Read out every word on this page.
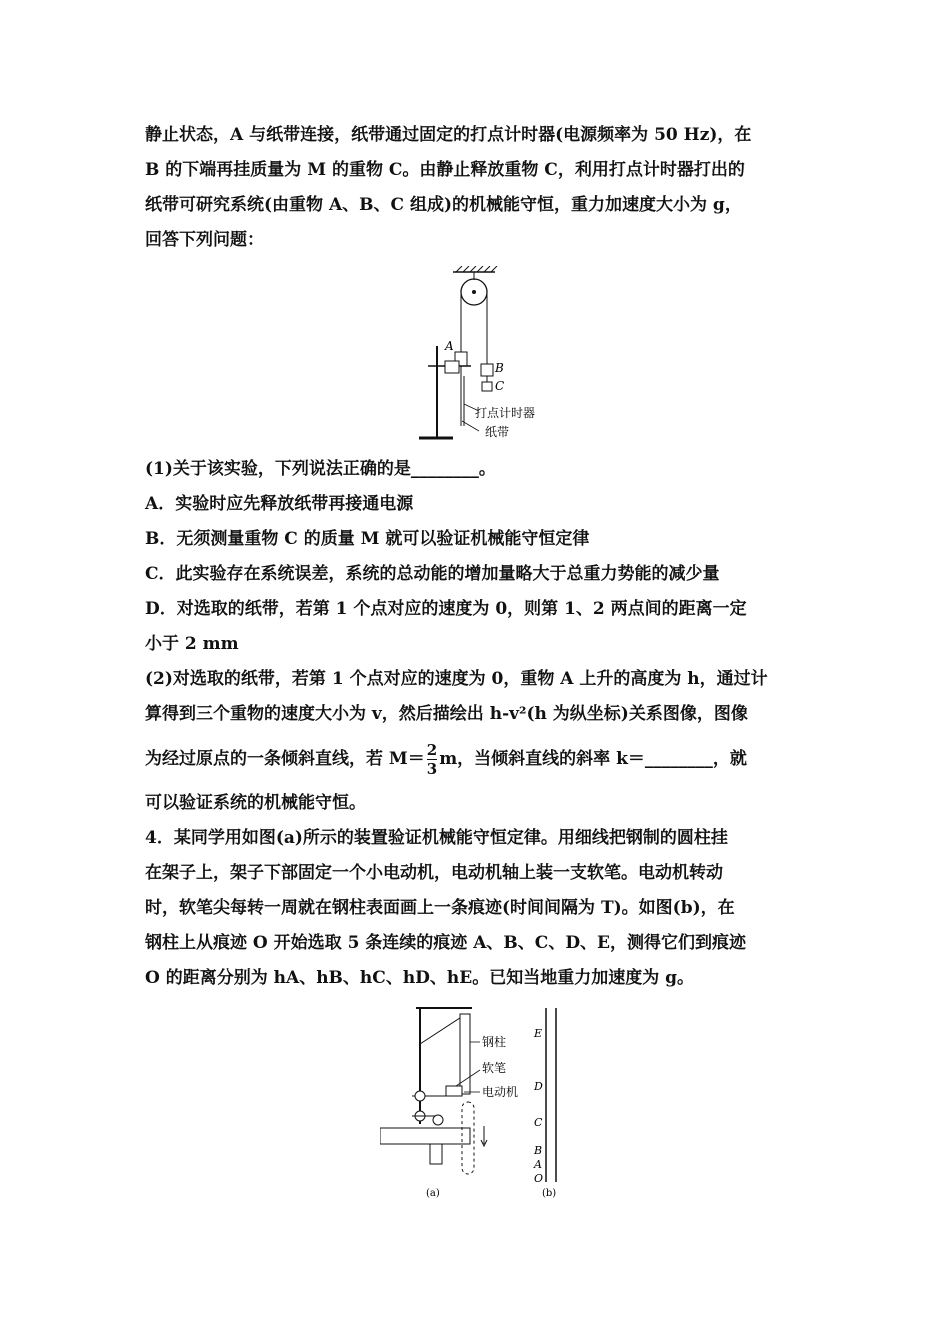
静止状态，A 与纸带连接，纸带通过固定的打点计时器(电源频率为 50 Hz)，在
B 的下端再挂质量为 M 的重物 C。由静止释放重物 C，利用打点计时器打出的
纸带可研究系统(由重物 A、B、C 组成)的机械能守恒，重力加速度大小为 g，
回答下列问题：
A
B
C
打点计时器
纸带
(1)关于该实验，下列说法正确的是________。
A．实验时应先释放纸带再接通电源
B．无须测量重物 C 的质量 M 就可以验证机械能守恒定律
C．此实验存在系统误差，系统的总动能的增加量略大于总重力势能的减少量
D．对选取的纸带，若第 1 个点对应的速度为 0，则第 1、2 两点间的距离一定
小于 2 mm
(2)对选取的纸带，若第 1 个点对应的速度为 0，重物 A 上升的高度为 h，通过计
算得到三个重物的速度大小为 v，然后描绘出 h-v²(h 为纵坐标)关系图像，图像
为经过原点的一条倾斜直线，若 $M= \frac{2}{3}$ m，当倾斜直线的斜率 k＝________，就
可以验证系统的机械能守恒。
4．某同学用如图(a)所示的装置验证机械能守恒定律。用细线把钢制的圆柱挂
在架子上，架子下部固定一个小电动机，电动机轴上装一支软笔。电动机转动
时，软笔尖每转一周就在钢柱表面画上一条痕迹(时间间隔为 T)。如图(b)，在
钢柱上从痕迹 O 开始选取 5 条连续的痕迹 A、B、C、D、E，测得它们到痕迹
O 的距离分别为 hA、hB、hC、hD、hE。已知当地重力加速度为 g。
钢柱
软笔
电动机
(a)
E
D
C
B
A
O
(b)
